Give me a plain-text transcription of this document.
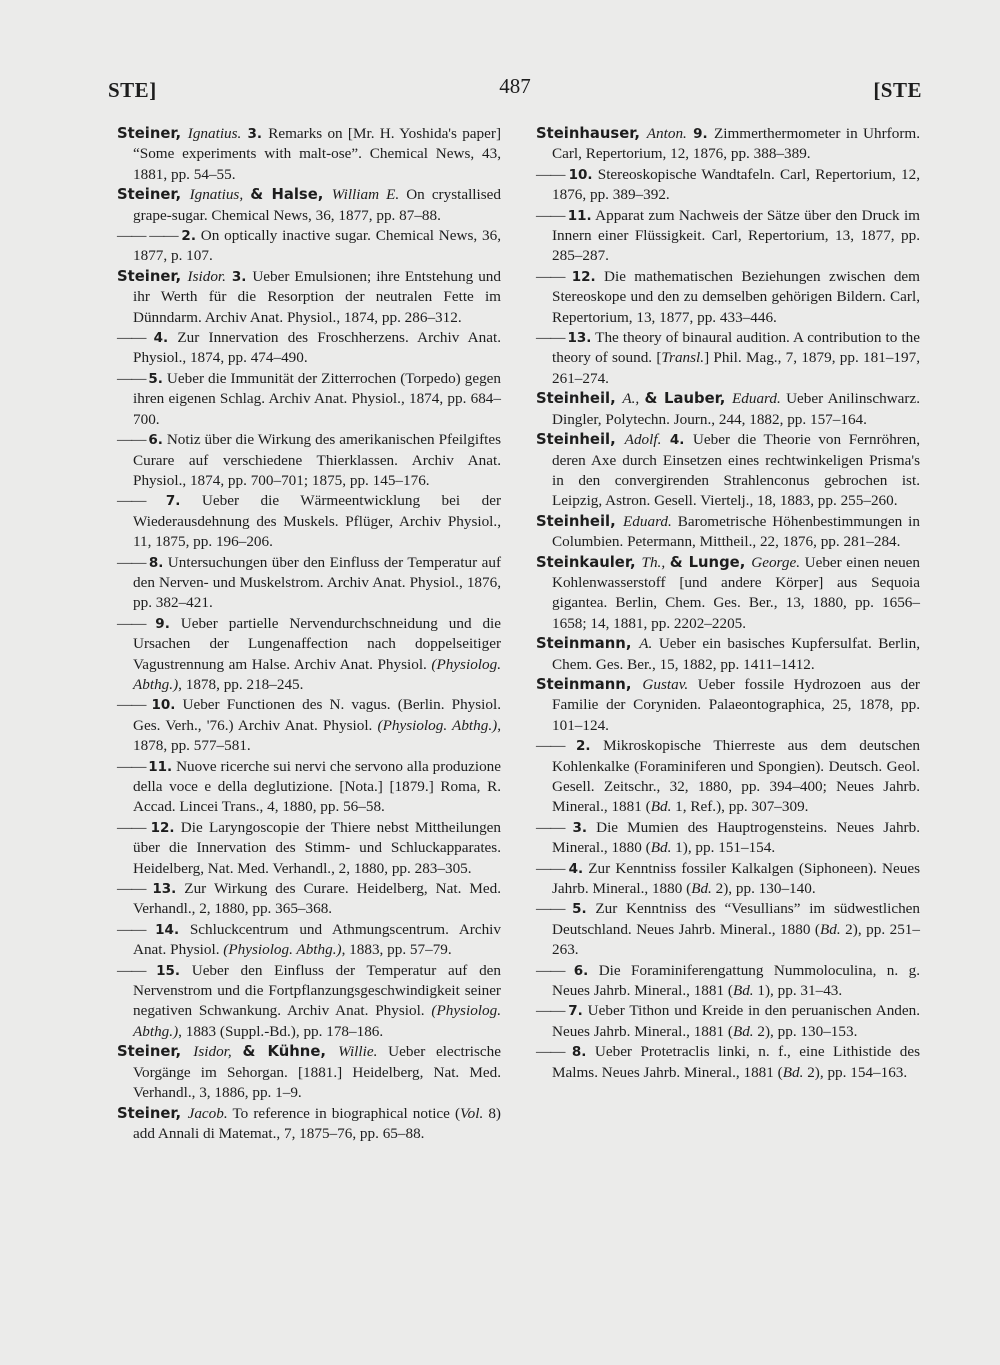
STE]	487	[STE

Steiner, Ignatius. 3. Remarks on [Mr. H. Yoshida's paper] “Some experiments with malt-ose”. Chemical News, 43, 1881, pp. 54–55.

Steiner, Ignatius, & Halse, William E. On crystallised grape-sugar. Chemical News, 36, 1877, pp. 87–88.

—— —— 2. On optically inactive sugar. Chemical News, 36, 1877, p. 107.

Steiner, Isidor. 3. Ueber Emulsionen; ihre Entstehung und ihr Werth für die Resorption der neutralen Fette im Dünndarm. Archiv Anat. Physiol., 1874, pp. 286–312.

—— 4. Zur Innervation des Froschherzens. Archiv Anat. Physiol., 1874, pp. 474–490.

—— 5. Ueber die Immunität der Zitterrochen (Torpedo) gegen ihren eigenen Schlag. Archiv Anat. Physiol., 1874, pp. 684–700.

—— 6. Notiz über die Wirkung des amerikanischen Pfeilgiftes Curare auf verschiedene Thierklassen. Archiv Anat. Physiol., 1874, pp. 700–701; 1875, pp. 145–176.

—— 7. Ueber die Wärmeentwicklung bei der Wiederausdehnung des Muskels. Pflüger, Archiv Physiol., 11, 1875, pp. 196–206.

—— 8. Untersuchungen über den Einfluss der Temperatur auf den Nerven- und Muskelstrom. Archiv Anat. Physiol., 1876, pp. 382–421.

—— 9. Ueber partielle Nervendurchschneidung und die Ursachen der Lungenaffection nach doppelseitiger Vagustrennung am Halse. Archiv Anat. Physiol. (Physiolog. Abthg.), 1878, pp. 218–245.

—— 10. Ueber Functionen des N. vagus. (Berlin. Physiol. Ges. Verh., '76.) Archiv Anat. Physiol. (Physiolog. Abthg.), 1878, pp. 577–581.

—— 11. Nuove ricerche sui nervi che servono alla produzione della voce e della deglutizione. [Nota.] [1879.] Roma, R. Accad. Lincei Trans., 4, 1880, pp. 56–58.

—— 12. Die Laryngoscopie der Thiere nebst Mittheilungen über die Innervation des Stimm- und Schluckapparates. Heidelberg, Nat. Med. Verhandl., 2, 1880, pp. 283–305.

—— 13. Zur Wirkung des Curare. Heidelberg, Nat. Med. Verhandl., 2, 1880, pp. 365–368.

—— 14. Schluckcentrum und Athmungscentrum. Archiv Anat. Physiol. (Physiolog. Abthg.), 1883, pp. 57–79.

—— 15. Ueber den Einfluss der Temperatur auf den Nervenstrom und die Fortpflanzungsgeschwindigkeit seiner negativen Schwankung. Archiv Anat. Physiol. (Physiolog. Abthg.), 1883 (Suppl.-Bd.), pp. 178–186.

Steiner, Isidor, & Kühne, Willie. Ueber electrische Vorgänge im Sehorgan. [1881.] Heidelberg, Nat. Med. Verhandl., 3, 1886, pp. 1–9.

Steiner, Jacob. To reference in biographical notice (Vol. 8) add Annali di Matemat., 7, 1875–76, pp. 65–88.

Steinhauser, Anton. 9. Zimmerthermometer in Uhrform. Carl, Repertorium, 12, 1876, pp. 388–389.

—— 10. Stereoskopische Wandtafeln. Carl, Repertorium, 12, 1876, pp. 389–392.

—— 11. Apparat zum Nachweis der Sätze über den Druck im Innern einer Flüssigkeit. Carl, Repertorium, 13, 1877, pp. 285–287.

—— 12. Die mathematischen Beziehungen zwischen dem Stereoskope und den zu demselben gehörigen Bildern. Carl, Repertorium, 13, 1877, pp. 433–446.

—— 13. The theory of binaural audition. A contribution to the theory of sound. [Transl.] Phil. Mag., 7, 1879, pp. 181–197, 261–274.

Steinheil, A., & Lauber, Eduard. Ueber Anilinschwarz. Dingler, Polytechn. Journ., 244, 1882, pp. 157–164.

Steinheil, Adolf. 4. Ueber die Theorie von Fernröhren, deren Axe durch Einsetzen eines rechtwinkeligen Prisma's in den convergirenden Strahlenconus gebrochen ist. Leipzig, Astron. Gesell. Viertelj., 18, 1883, pp. 255–260.

Steinheil, Eduard. Barometrische Höhenbestimmungen in Columbien. Petermann, Mittheil., 22, 1876, pp. 281–284.

Steinkauler, Th., & Lunge, George. Ueber einen neuen Kohlenwasserstoff [und andere Körper] aus Sequoia gigantea. Berlin, Chem. Ges. Ber., 13, 1880, pp. 1656–1658; 14, 1881, pp. 2202–2205.

Steinmann, A. Ueber ein basisches Kupfersulfat. Berlin, Chem. Ges. Ber., 15, 1882, pp. 1411–1412.

Steinmann, Gustav. Ueber fossile Hydrozoen aus der Familie der Coryniden. Palaeontographica, 25, 1878, pp. 101–124.

—— 2. Mikroskopische Thierreste aus dem deutschen Kohlenkalke (Foraminiferen und Spongien). Deutsch. Geol. Gesell. Zeitschr., 32, 1880, pp. 394–400; Neues Jahrb. Mineral., 1881 (Bd. 1, Ref.), pp. 307–309.

—— 3. Die Mumien des Hauptrogensteins. Neues Jahrb. Mineral., 1880 (Bd. 1), pp. 151–154.

—— 4. Zur Kenntniss fossiler Kalkalgen (Siphoneen). Neues Jahrb. Mineral., 1880 (Bd. 2), pp. 130–140.

—— 5. Zur Kenntniss des “Vesullians” im südwestlichen Deutschland. Neues Jahrb. Mineral., 1880 (Bd. 2), pp. 251–263.

—— 6. Die Foraminiferengattung Nummoloculina, n. g. Neues Jahrb. Mineral., 1881 (Bd. 1), pp. 31–43.

—— 7. Ueber Tithon und Kreide in den peruanischen Anden. Neues Jahrb. Mineral., 1881 (Bd. 2), pp. 130–153.

—— 8. Ueber Protetraclis linki, n. f., eine Lithistide des Malms. Neues Jahrb. Mineral., 1881 (Bd. 2), pp. 154–163.
